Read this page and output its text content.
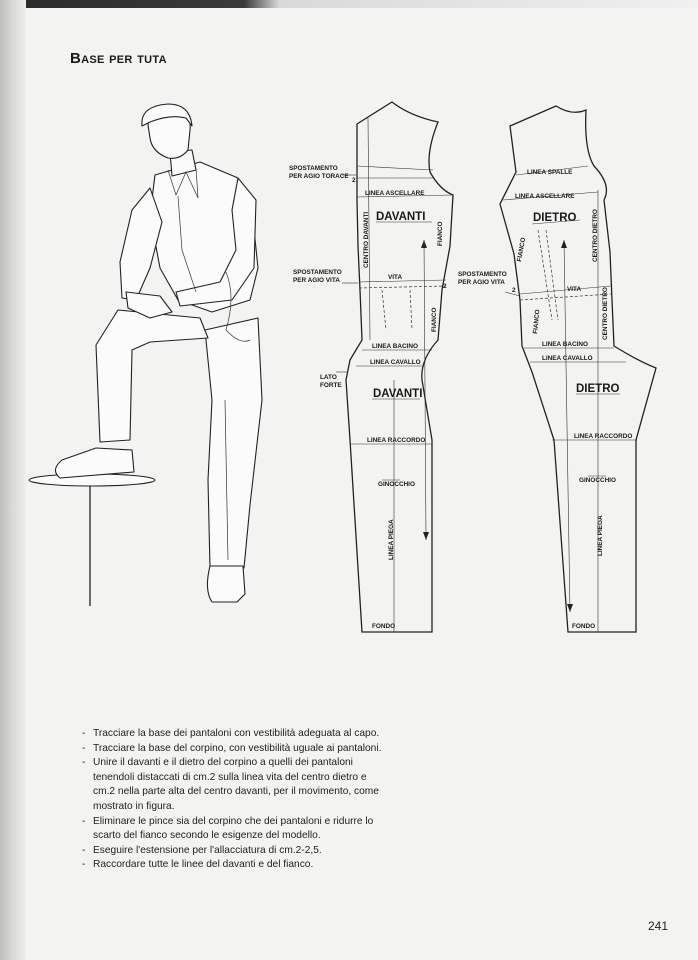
Base per tuta
SPOSTAMENTO
PER AGIO TORACE
LINEA ASCELLARE
DAVANTI
CENTRO DAVANTI	FIANCO
SPOSTAMENTO
PER AGIO VITA	VITA
FIANCO
LINEA BACINO
LINEA CAVALLO
LATO
FORTE
DAVANTI
LINEA RACCORDO
GINOCCHIO
LINEA PIEGA
FONDO
2
2
LINEA SPALLE
LINEA ASCELLARE
DIETRO
FIANCO	CENTRO DIETRO
SPOSTAMENTO
PER AGIO VITA
VITA
2
FIANCO	CENTRO DIETRO
LINEA BACINO
LINEA CAVALLO
DIETRO
LINEA RACCORDO
GINOCCHIO
LINEA PIEGA
FONDO
- Tracciare la base dei pantaloni con vestibilità adeguata al capo.
- Tracciare la base del corpino, con vestibilità uguale ai pantaloni.
- Unire il davanti e il dietro del corpino a quelli dei pantaloni tenendoli distaccati di cm.2 sulla linea vita del centro dietro e cm.2 nella parte alta del centro davanti, per il movimento, come mostrato in figura.
- Eliminare le pince sia del corpino che dei pantaloni e ridurre lo scarto del fianco secondo le esigenze del modello.
- Eseguire l'estensione per l'allacciatura di cm.2-2,5.
- Raccordare tutte le linee del davanti e del fianco.
241
